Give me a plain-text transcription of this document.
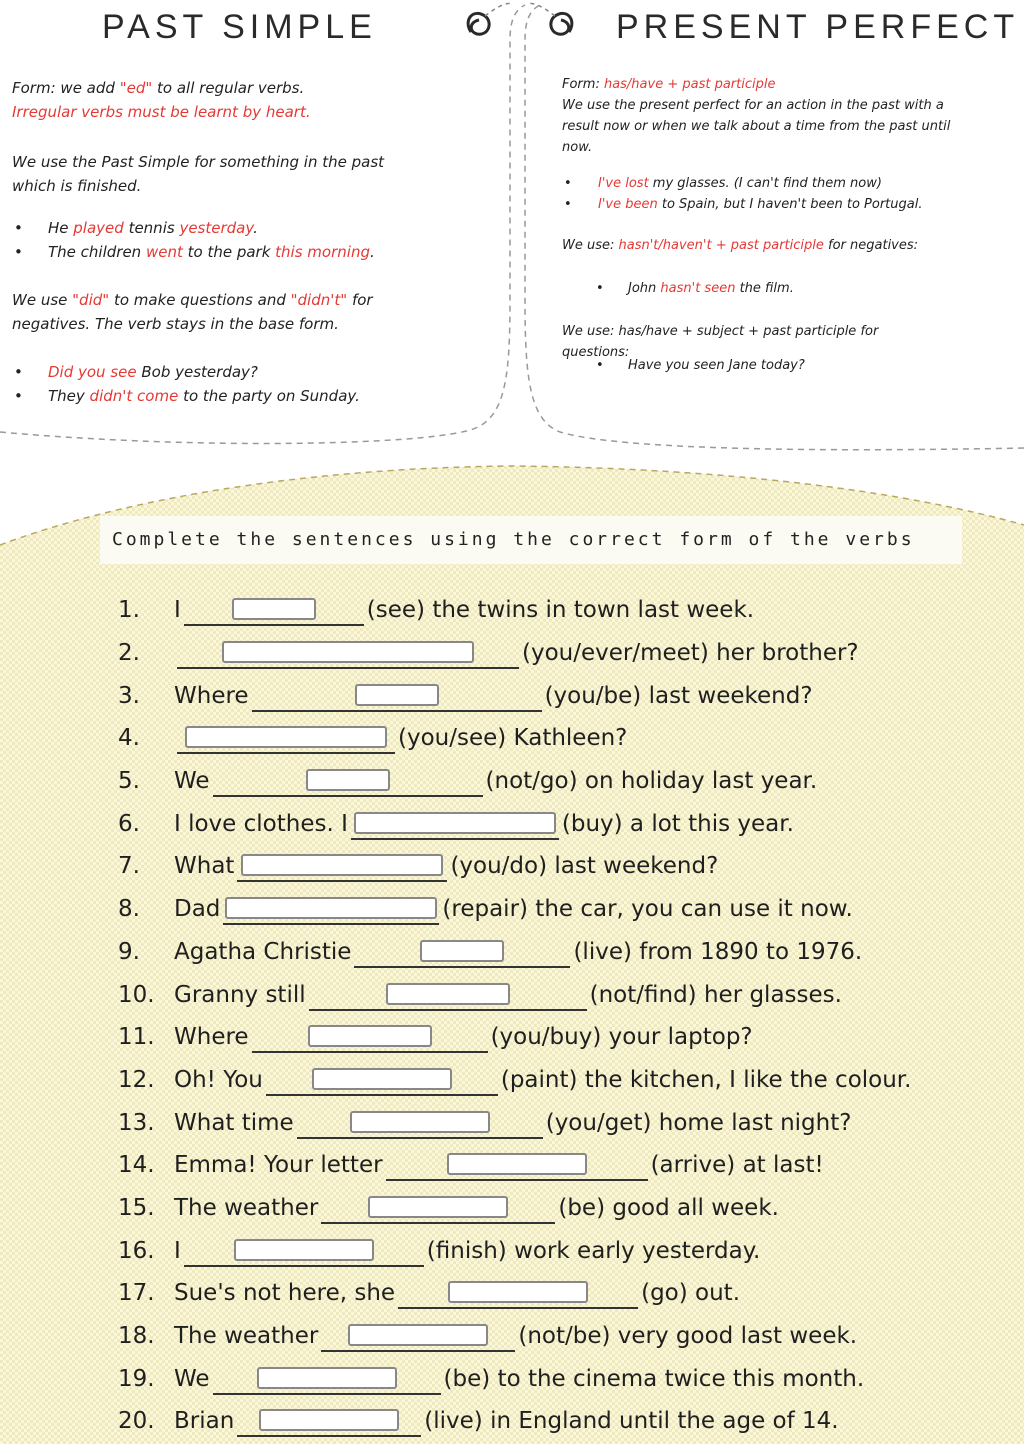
PAST SIMPLE	PRESENT PERFECT

Form: we add "ed" to all regular verbs.

Irregular verbs must be learnt by heart.

We use the Past Simple for something in the past

which is finished.

• He played tennis yesterday.

• The children went to the park this morning.

We use "did" to make questions and "didn't" for

negatives. The verb stays in the base form.

• Did you see Bob yesterday?

• They didn't come to the party on Sunday.

Form: has/have + past participle

We use the present perfect for an action in the past with a

result now or when we talk about a time from the past until

now.

• I've lost my glasses. (I can't find them now)

• I've been to Spain, but I haven't been to Portugal.

We use: hasn't/haven't + past participle for negatives:

• John hasn't seen the film.

We use: has/have + subject + past participle for

questions:

• Have you seen Jane today?

Complete the sentences using the correct form of the verbs
1.	I	(see) the twins in town last week.
2.	(you/ever/meet) her brother?
3.	Where	(you/be) last weekend?
4.	(you/see) Kathleen?
5.	We	(not/go) on holiday last year.
6.	I love clothes. I	(buy) a lot this year.
7.	What	(you/do) last weekend?
8.	Dad	(repair) the car, you can use it now.
9.	Agatha Christie	(live) from 1890 to 1976.
10. Granny still	(not/find) her glasses.
11. Where	(you/buy) your laptop?
12. Oh! You	(paint) the kitchen, I like the colour.
13. What time	(you/get) home last night?
14. Emma! Your letter	(arrive) at last!
15. The weather	(be) good all week.
16. I	(finish) work early yesterday.
17. Sue's not here, she	(go) out.
18. The weather	(not/be) very good last week.
19. We	(be) to the cinema twice this month.
20. Brian	(live) in England until the age of 14.
